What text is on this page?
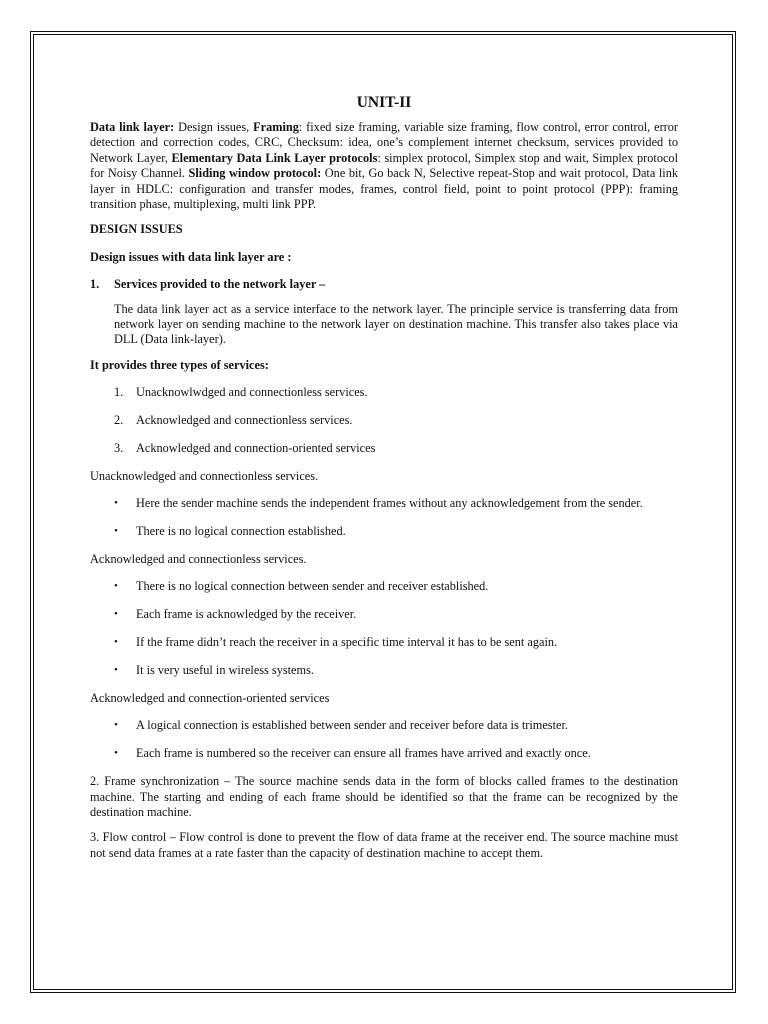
UNIT-II

Data link layer: Design issues, Framing: fixed size framing, variable size framing, flow control, error control, error detection and correction codes, CRC, Checksum: idea, one’s complement internet checksum, services provided to Network Layer, Elementary Data Link Layer protocols: simplex protocol, Simplex stop and wait, Simplex protocol for Noisy Channel. Sliding window protocol: One bit, Go back N, Selective repeat-Stop and wait protocol, Data link layer in HDLC: configuration and transfer modes, frames, control field, point to point protocol (PPP): framing transition phase, multiplexing, multi link PPP.

DESIGN ISSUES
Design issues with data link layer are :
1.	Services provided to the network layer –

The data link layer act as a service interface to the network layer. The principle service is transferring data from network layer on sending machine to the network layer on destination machine. This transfer also takes place via DLL (Data link-layer).

It provides three types of services:
1.	Unacknowlwdged and connectionless services.
2.	Acknowledged and connectionless services.
3.	Acknowledged and connection-oriented services
Unacknowledged and connectionless services.
•	Here the sender machine sends the independent frames without any acknowledgement from the sender.
•	There is no logical connection established.
Acknowledged and connectionless services.
•	There is no logical connection between sender and receiver established.
•	Each frame is acknowledged by the receiver.
•	If the frame didn’t reach the receiver in a specific time interval it has to be sent again.
•	It is very useful in wireless systems.
Acknowledged and connection-oriented services
•	A logical connection is established between sender and receiver before data is trimester.
•	Each frame is numbered so the receiver can ensure all frames have arrived and exactly once.

2. Frame synchronization – The source machine sends data in the form of blocks called frames to the destination machine. The starting and ending of each frame should be identified so that the frame can be recognized by the destination machine.

3. Flow control – Flow control is done to prevent the flow of data frame at the receiver end. The source machine must not send data frames at a rate faster than the capacity of destination machine to accept them.
